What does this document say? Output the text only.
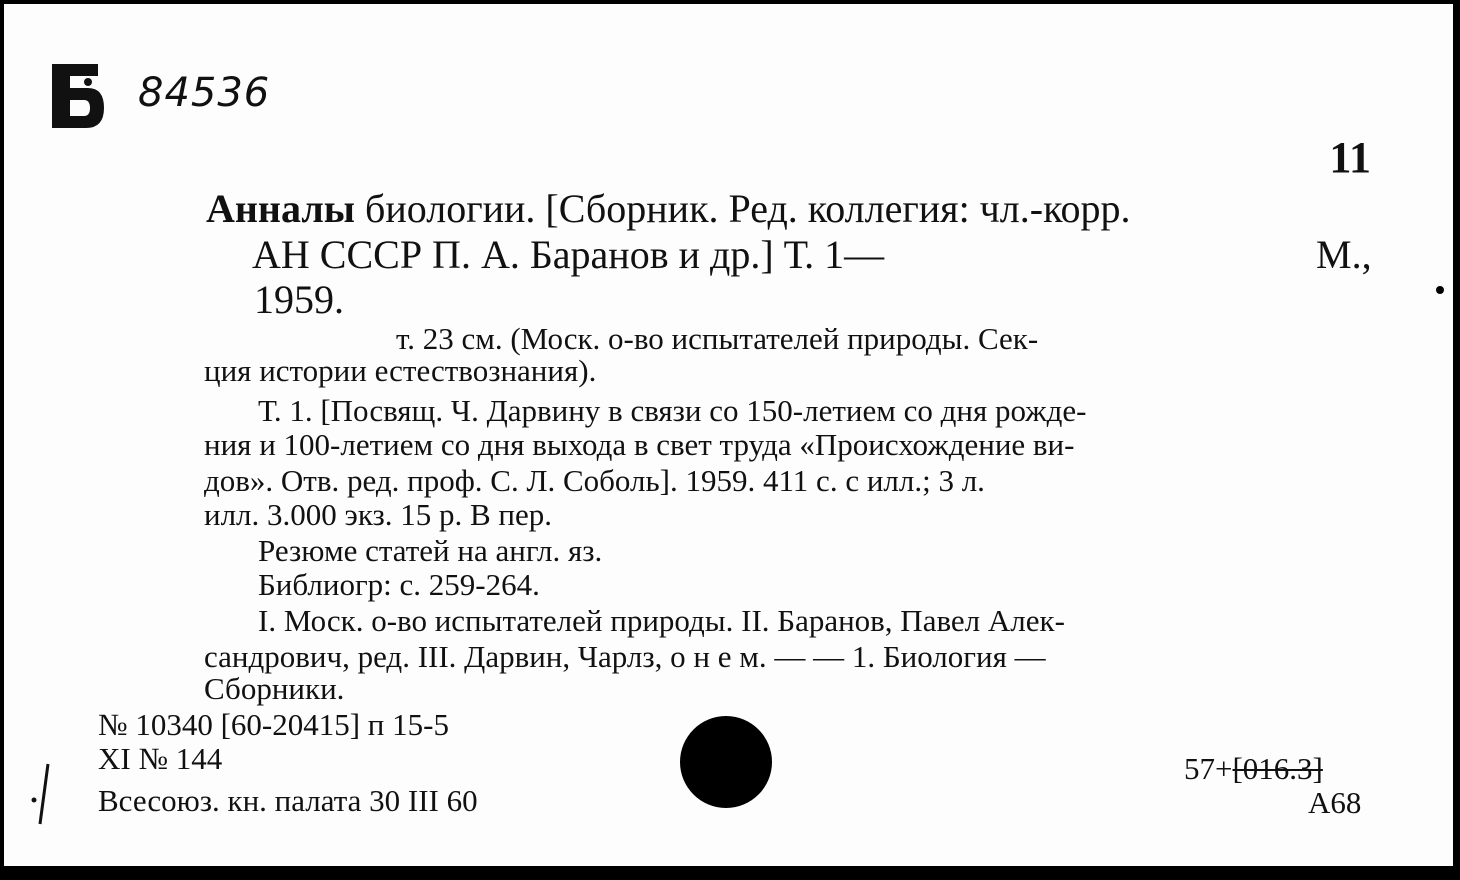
84536
11
Анналы биологии. [Сборник. Ред. коллегия: чл.-корр.
АН СССР П. А. Баранов и др.] Т. 1—	М.,
1959.
т. 23 см. (Моск. о-во испытателей природы. Сек-
ция истории естествознания).
Т. 1. [Посвящ. Ч. Дарвину в связи со 150-летием со дня рожде-
ния и 100-летием со дня выхода в свет труда «Происхождение ви-
дов». Отв. ред. проф. С. Л. Соболь]. 1959. 411 с. с илл.; 3 л.
илл. 3.000 экз. 15 р. В пер.
Резюме статей на англ. яз.
Библиогр: с. 259-264.
I. Моск. о-во испытателей природы. II. Баранов, Павел Алек-
сандрович, ред. III. Дарвин, Чарлз, о н е м. — — 1. Биология —
Сборники.
№ 10340 [60-20415] п 15-5
XI № 144
Всесоюз. кн. палата 30 III 60
57+[016.3]
А68
